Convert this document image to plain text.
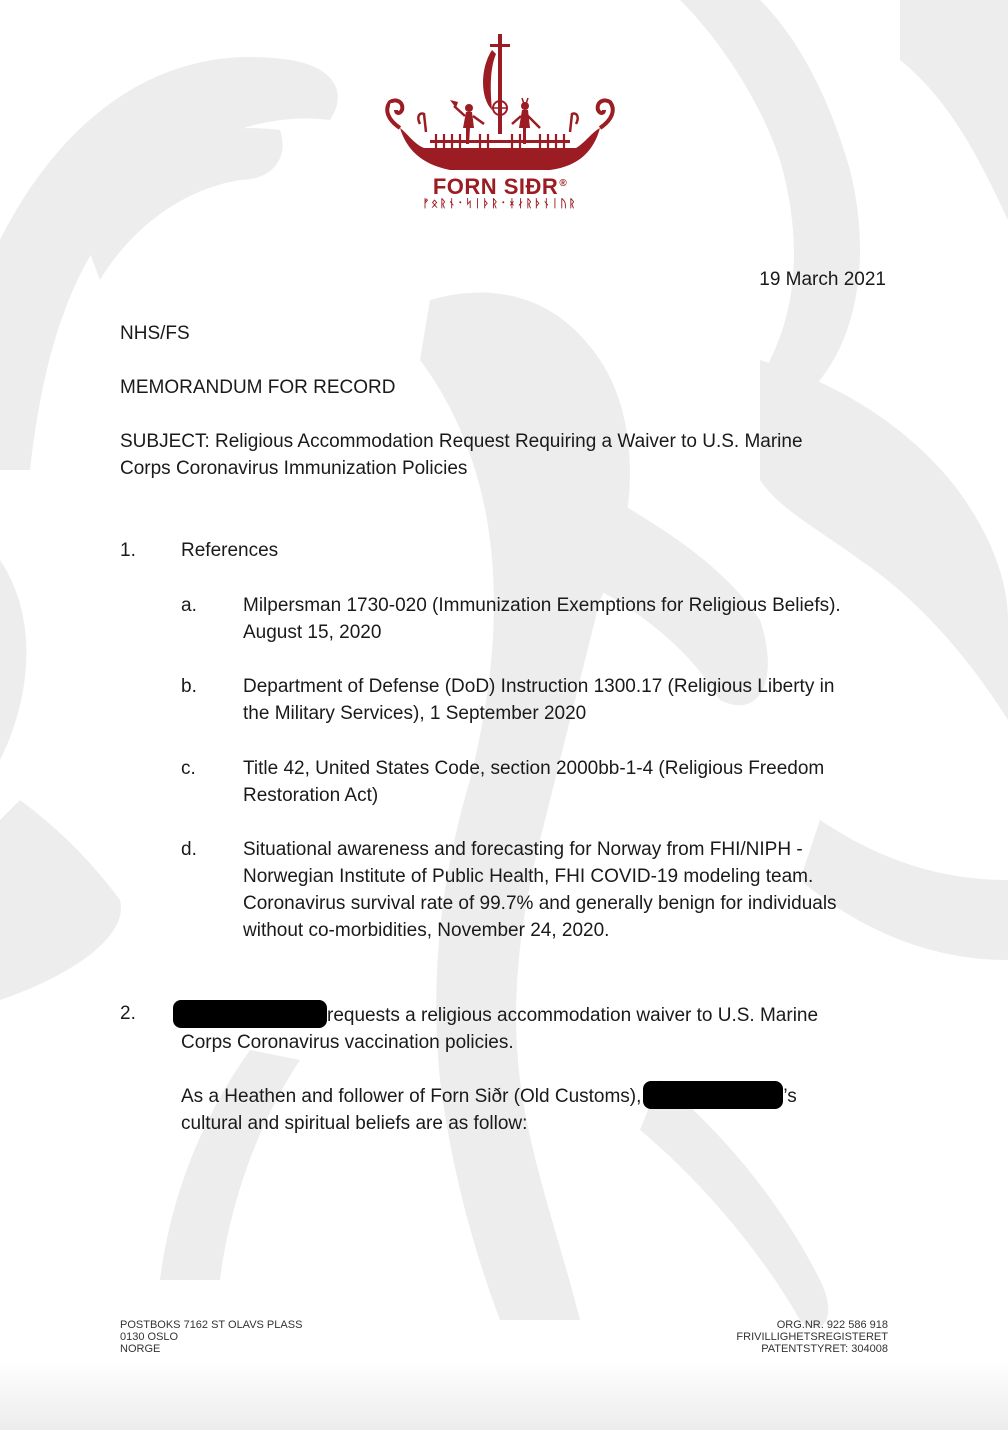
FORN SIÐR®
ᚠᛟᚱᚾ᛫ᛋᛁᚦᚱ᛫ᚼᛅᚱᚦᚾᛁᚢᚱ

19 March 2021

NHS/FS

MEMORANDUM FOR RECORD

SUBJECT: Religious Accommodation Request Requiring a Waiver to U.S. Marine
Corps Coronavirus Immunization Policies
1. References
a. Milpersman 1730-020 (Immunization Exemptions for Religious Beliefs).
August 15, 2020
b. Department of Defense (DoD) Instruction 1300.17 (Religious Liberty in
the Military Services), 1 September 2020
c. Title 42, United States Code, section 2000bb-1-4 (Religious Freedom
Restoration Act)
d. Situational awareness and forecasting for Norway from FHI/NIPH -
Norwegian Institute of Public Health, FHI COVID-19 modeling team.
Coronavirus survival rate of 99.7% and generally benign for individuals
without co-morbidities, November 24, 2020.
2.	requests a religious accommodation waiver to U.S. Marine
Corps Coronavirus vaccination policies.
As a Heathen and follower of Forn Siðr (Old Customs),	’s
cultural and spiritual beliefs are as follow:
POSTBOKS 7162 ST OLAVS PLASS
0130 OSLO
NORGE
ORG.NR. 922 586 918
FRIVILLIGHETSREGISTERET
PATENTSTYRET: 304008
